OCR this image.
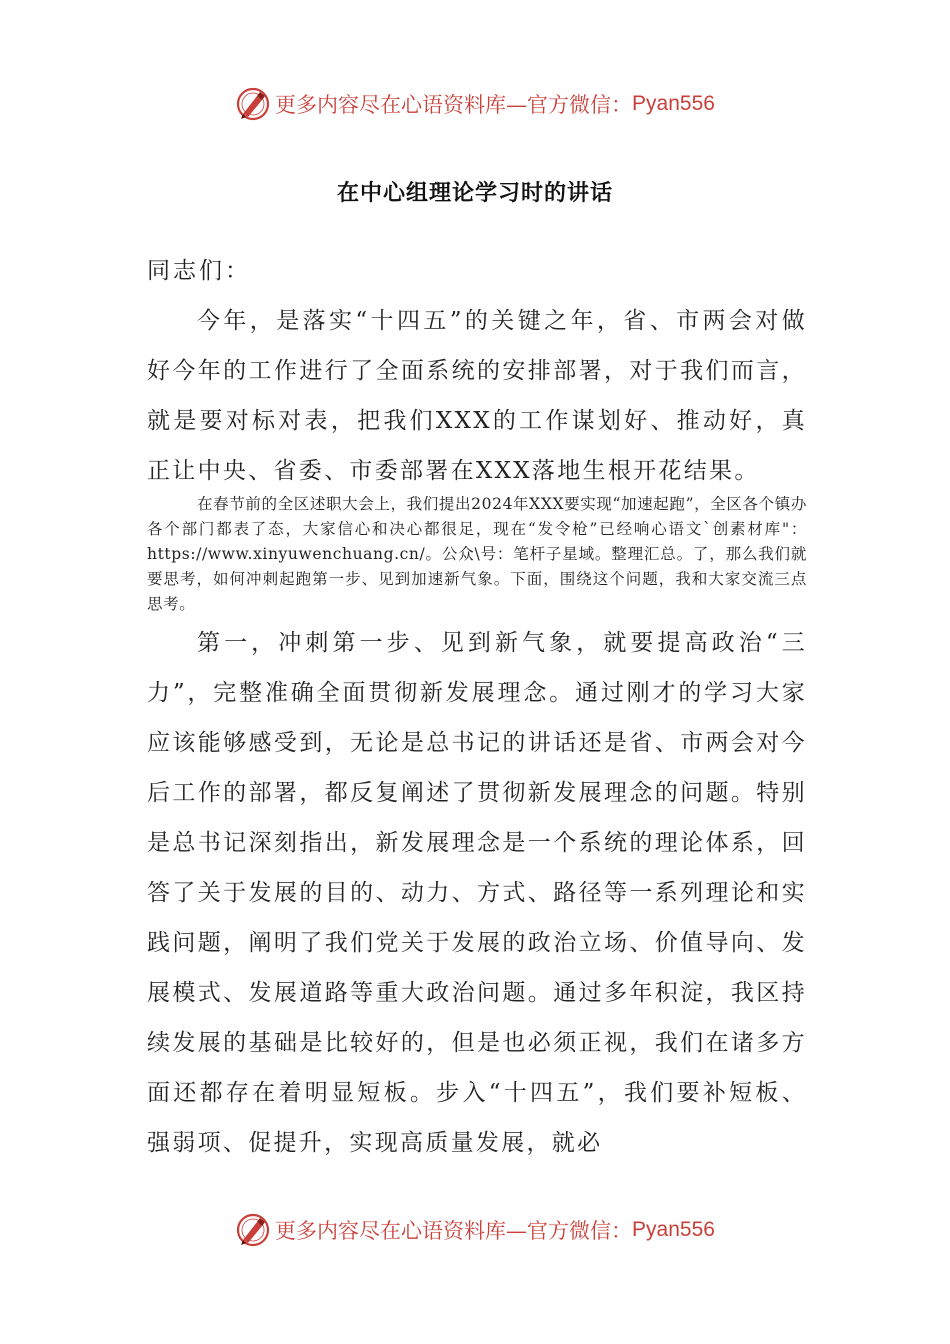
更多内容尽在心语资料库—官方微信： Pyan556
在中心组理论学习时的讲话
同志们：

今年，是落实“十四五”的关键之年，省、市两会对做好今年的工作进行了全面系统的安排部署，对于我们而言，就是要对标对表，把我们XXX的工作谋划好、推动好，真正让中央、省委、市委部署在XXX落地生根开花结果。

在春节前的全区述职大会上，我们提出2024年XXX要实现“加速起跑”，全区各个镇办各个部门都表了态，大家信心和决心都很足，现在“发令枪”已经响心语文`创素材库"：https://www.xinyuwenchuang.cn/。公众\号：笔杆子星域。整理汇总。了，那么我们就要思考，如何冲刺起跑第一步、见到加速新气象。下面，围绕这个问题，我和大家交流三点思考。

第一，冲刺第一步、见到新气象，就要提高政治“三力”，完整准确全面贯彻新发展理念。通过刚才的学习大家应该能够感受到，无论是总书记的讲话还是省、市两会对今后工作的部署，都反复阐述了贯彻新发展理念的问题。特别是总书记深刻指出，新发展理念是一个系统的理论体系，回答了关于发展的目的、动力、方式、路径等一系列理论和实践问题，阐明了我们党关于发展的政治立场、价值导向、发展模式、发展道路等重大政治问题。通过多年积淀，我区持续发展的基础是比较好的，但是也必须正视，我们在诸多方面还都存在着明显短板。步入“十四五”，我们要补短板、强弱项、促提升，实现高质量发展，就必

更多内容尽在心语资料库—官方微信： Pyan556
